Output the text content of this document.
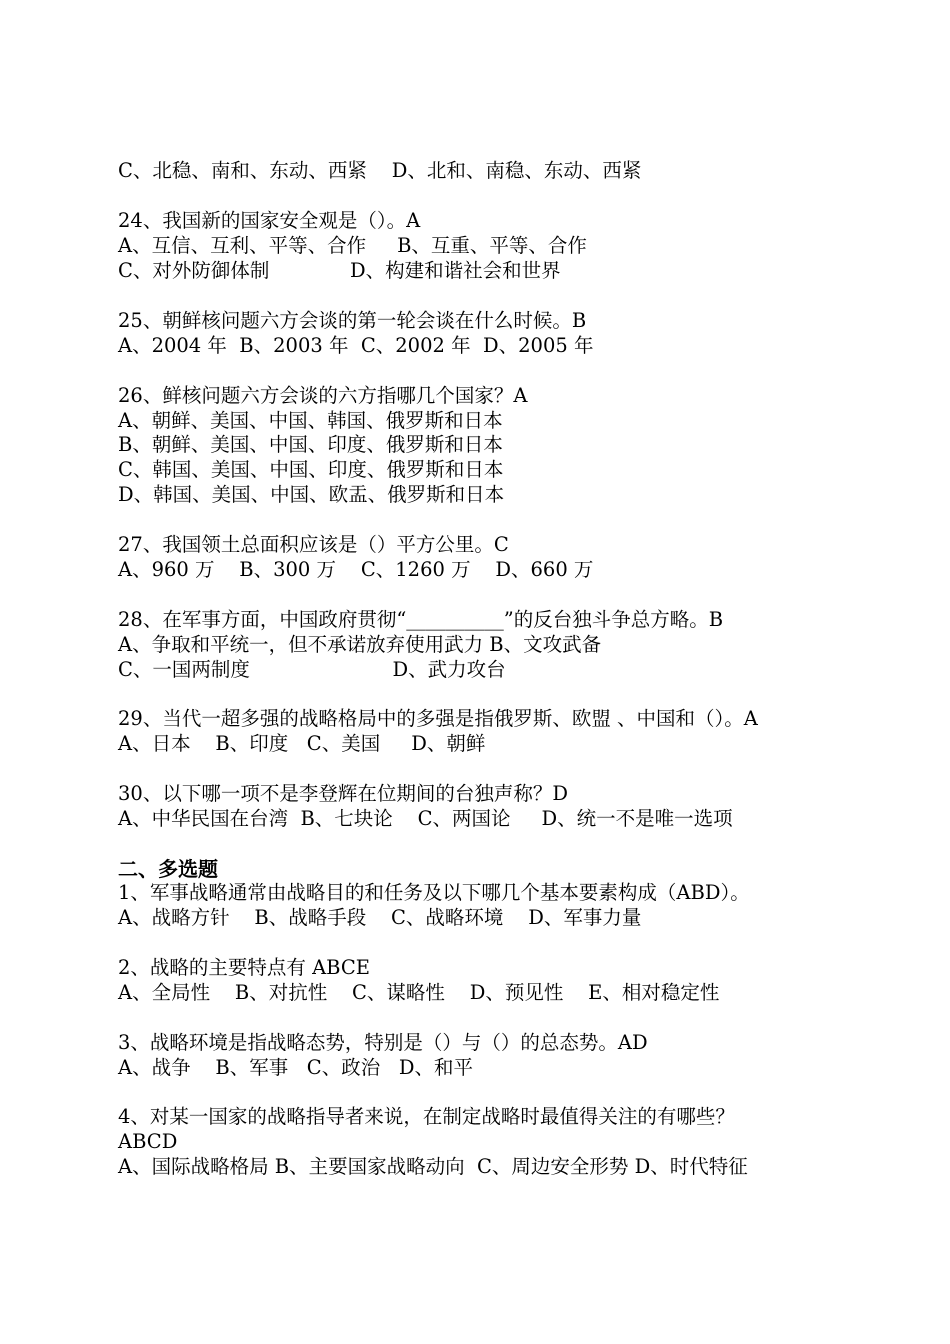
C、北稳、南和、东动、西紧    D、北和、南稳、东动、西紧
24、我国新的国家安全观是（）。A
A、互信、互利、平等、合作     B、互重、平等、合作
C、对外防御体制             D、构建和谐社会和世界
25、朝鲜核问题六方会谈的第一轮会谈在什么时候。B
A、2004 年  B、2003 年  C、2002 年  D、2005 年
26、鲜核问题六方会谈的六方指哪几个国家？A
A、朝鲜、美国、中国、韩国、俄罗斯和日本
B、朝鲜、美国、中国、印度、俄罗斯和日本
C、韩国、美国、中国、印度、俄罗斯和日本
D、韩国、美国、中国、欧盂、俄罗斯和日本
27、我国领土总面积应该是（）平方公里。C
A、960 万    B、300 万    C、1260 万    D、660 万
28、在军事方面，中国政府贯彻“__________”的反台独斗争总方略。B
A、争取和平统一，但不承诺放弃使用武力 B、文攻武备
C、一国两制度                       D、武力攻台
29、当代一超多强的战略格局中的多强是指俄罗斯、欧盟 、中国和（）。A
A、日本    B、印度   C、美国     D、朝鲜
30、以下哪一项不是李登辉在位期间的台独声称？D
A、中华民国在台湾  B、七块论    C、两国论     D、统一不是唯一选项
二、多选题
1、军事战略通常由战略目的和任务及以下哪几个基本要素构成（ABD）。
A、战略方针    B、战略手段    C、战略环境    D、军事力量
2、战略的主要特点有 ABCE
A、全局性    B、对抗性    C、谋略性    D、预见性    E、相对稳定性
3、战略环境是指战略态势，特别是（）与（）的总态势。AD
A、战争    B、军事   C、政治   D、和平
4、对某一国家的战略指导者来说，在制定战略时最值得关注的有哪些？
ABCD
A、国际战略格局 B、主要国家战略动向  C、周边安全形势 D、时代特征
